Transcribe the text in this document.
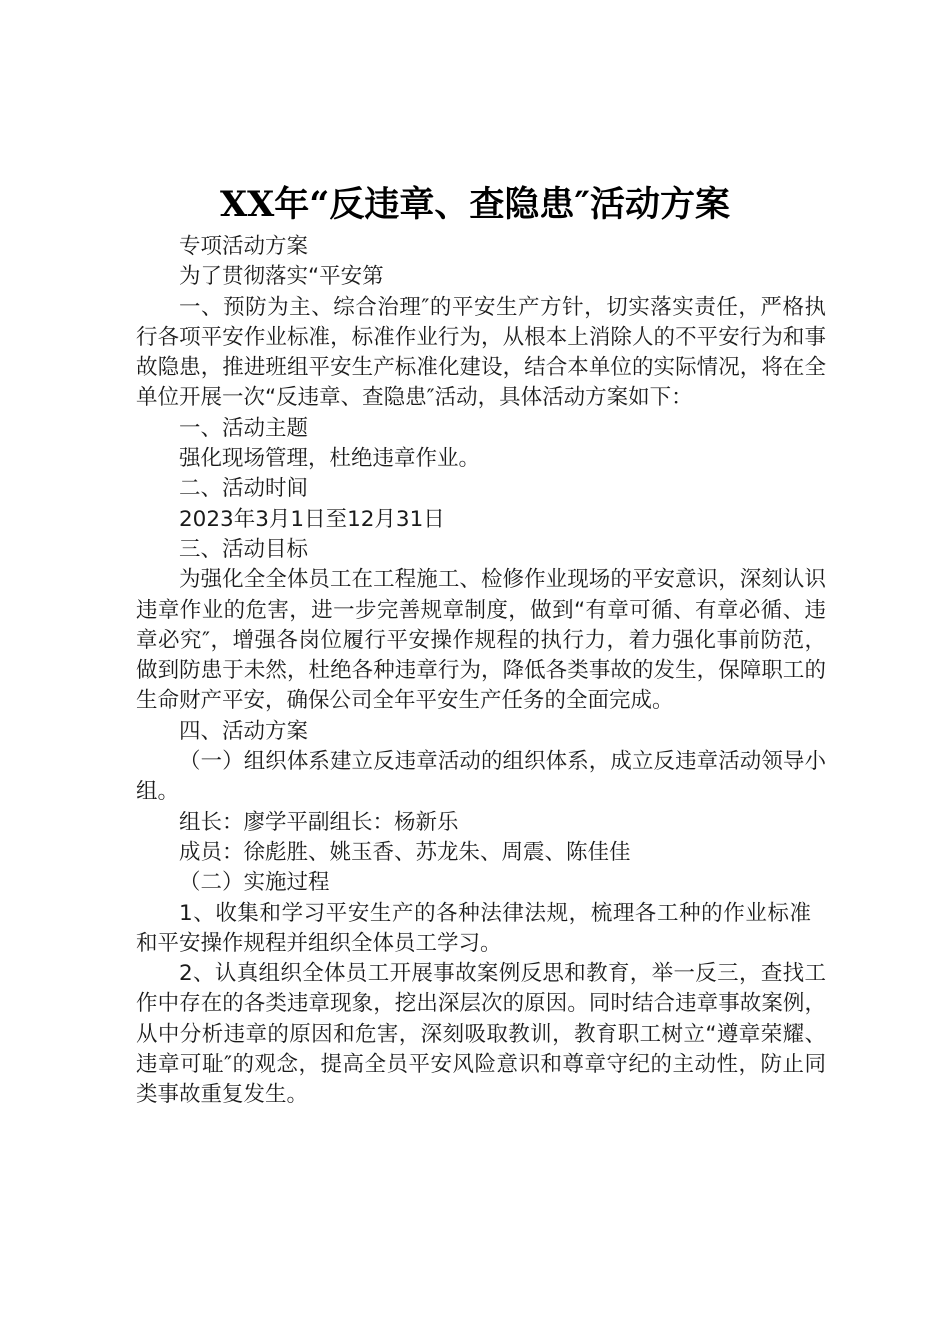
XX年“反违章、查隐患″活动方案

专项活动方案

为了贯彻落实“平安第

一、预防为主、综合治理″的平安生产方针，切实落实责任，严格执行各项平安作业标准，标准作业行为，从根本上消除人的不平安行为和事故隐患，推进班组平安生产标准化建设，结合本单位的实际情况，将在全单位开展一次“反违章、查隐患″活动，具体活动方案如下：

一、活动主题

强化现场管理，杜绝违章作业。

二、活动时间

2023年3月1日至12月31日

三、活动目标

为强化全全体员工在工程施工、检修作业现场的平安意识，深刻认识违章作业的危害，进一步完善规章制度，做到“有章可循、有章必循、违章必究″，增强各岗位履行平安操作规程的执行力，着力强化事前防范，做到防患于未然，杜绝各种违章行为，降低各类事故的发生，保障职工的生命财产平安，确保公司全年平安生产任务的全面完成。

四、活动方案

（一）组织体系建立反违章活动的组织体系，成立反违章活动领导小组。

组长：廖学平副组长：杨新乐

成员：徐彪胜、姚玉香、苏龙朱、周震、陈佳佳

（二）实施过程

1、收集和学习平安生产的各种法律法规，梳理各工种的作业标准和平安操作规程并组织全体员工学习。

2、认真组织全体员工开展事故案例反思和教育，举一反三，查找工作中存在的各类违章现象，挖出深层次的原因。同时结合违章事故案例，从中分析违章的原因和危害，深刻吸取教训，教育职工树立“遵章荣耀、违章可耻″的观念，提高全员平安风险意识和尊章守纪的主动性，防止同类事故重复发生。
